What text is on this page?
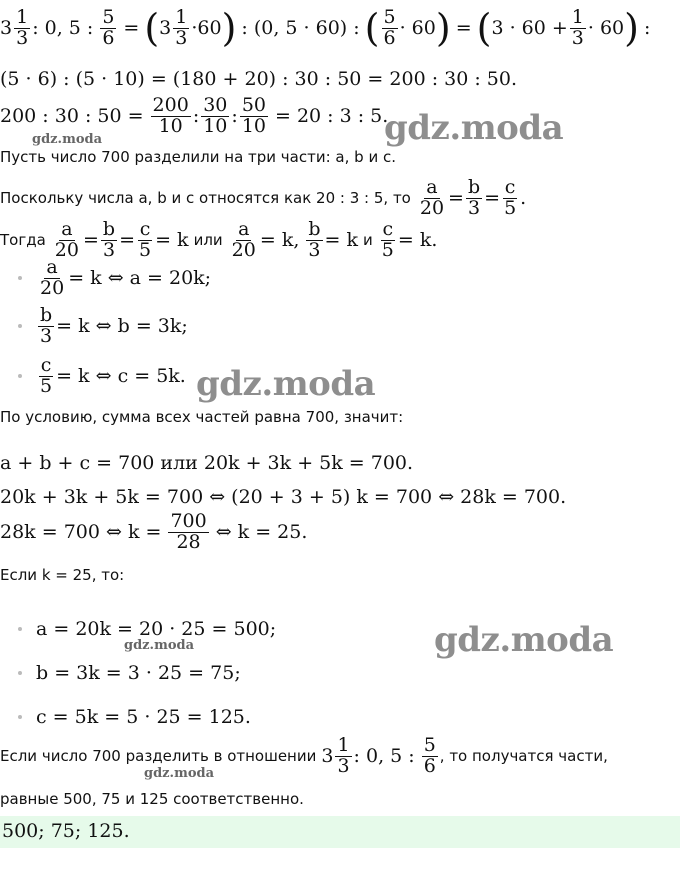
3
1
3 : 0, 5 :
5
6 = ( 3
1
3 ·60 ) : (0, 5 · 60) : ( 5
6 · 60 ) = ( $3 \cdot 60 + \frac{1}{3} \cdot 60$ ) :
(5 · 6) : (5 · 10) = (180 + 20) : 30 : 50 = 200 : 30 : 50.
200 : 30 : 50 =
200
10 :
30
10 :
50
10 = 20 : 3 : 5.
Пусть число 700 разделили на три части: a, b и c.
Поскольку числа a, b и c относятся как 20 : 3 : 5, то $\frac{a}{20} = \frac{b}{3} = \frac{c}{5}$ .
Тогда $\frac{a}{20} = \frac{b}{3} = \frac{c}{5} = k$ или $\frac{a}{20} = k$, $\frac{b}{3} = k$ и $\frac{c}{5} = k$.
$\frac{a}{20} = k$ ⇔ a = 20k;
$\frac{b}{3} = k$ ⇔ b = 3k;
$\frac{c}{5} = k$ ⇔ c = 5k.
По условию, сумма всех частей равна 700, значит:
a + b + c = 700 или 20k + 3k + 5k = 700.
20k + 3k + 5k = 700 ⇔ (20 + 3 + 5) k = 700 ⇔ 28k = 700.
28k = 700 ⇔ k =
700
28 ⇔ k = 25.
Если k = 25, то:
a = 20k = 20 · 25 = 500;
b = 3k = 3 · 25 = 75;
c = 5k = 5 · 25 = 125.
Если число 700 разделить в отношении 3
1
3 : 0, 5 :
5
6 , то получатся части,
равные 500, 75 и 125 соответственно.
500; 75; 125.
gdz.moda
gdz.moda
gdz.moda
gdz.moda
gdz.moda
gdz.moda
